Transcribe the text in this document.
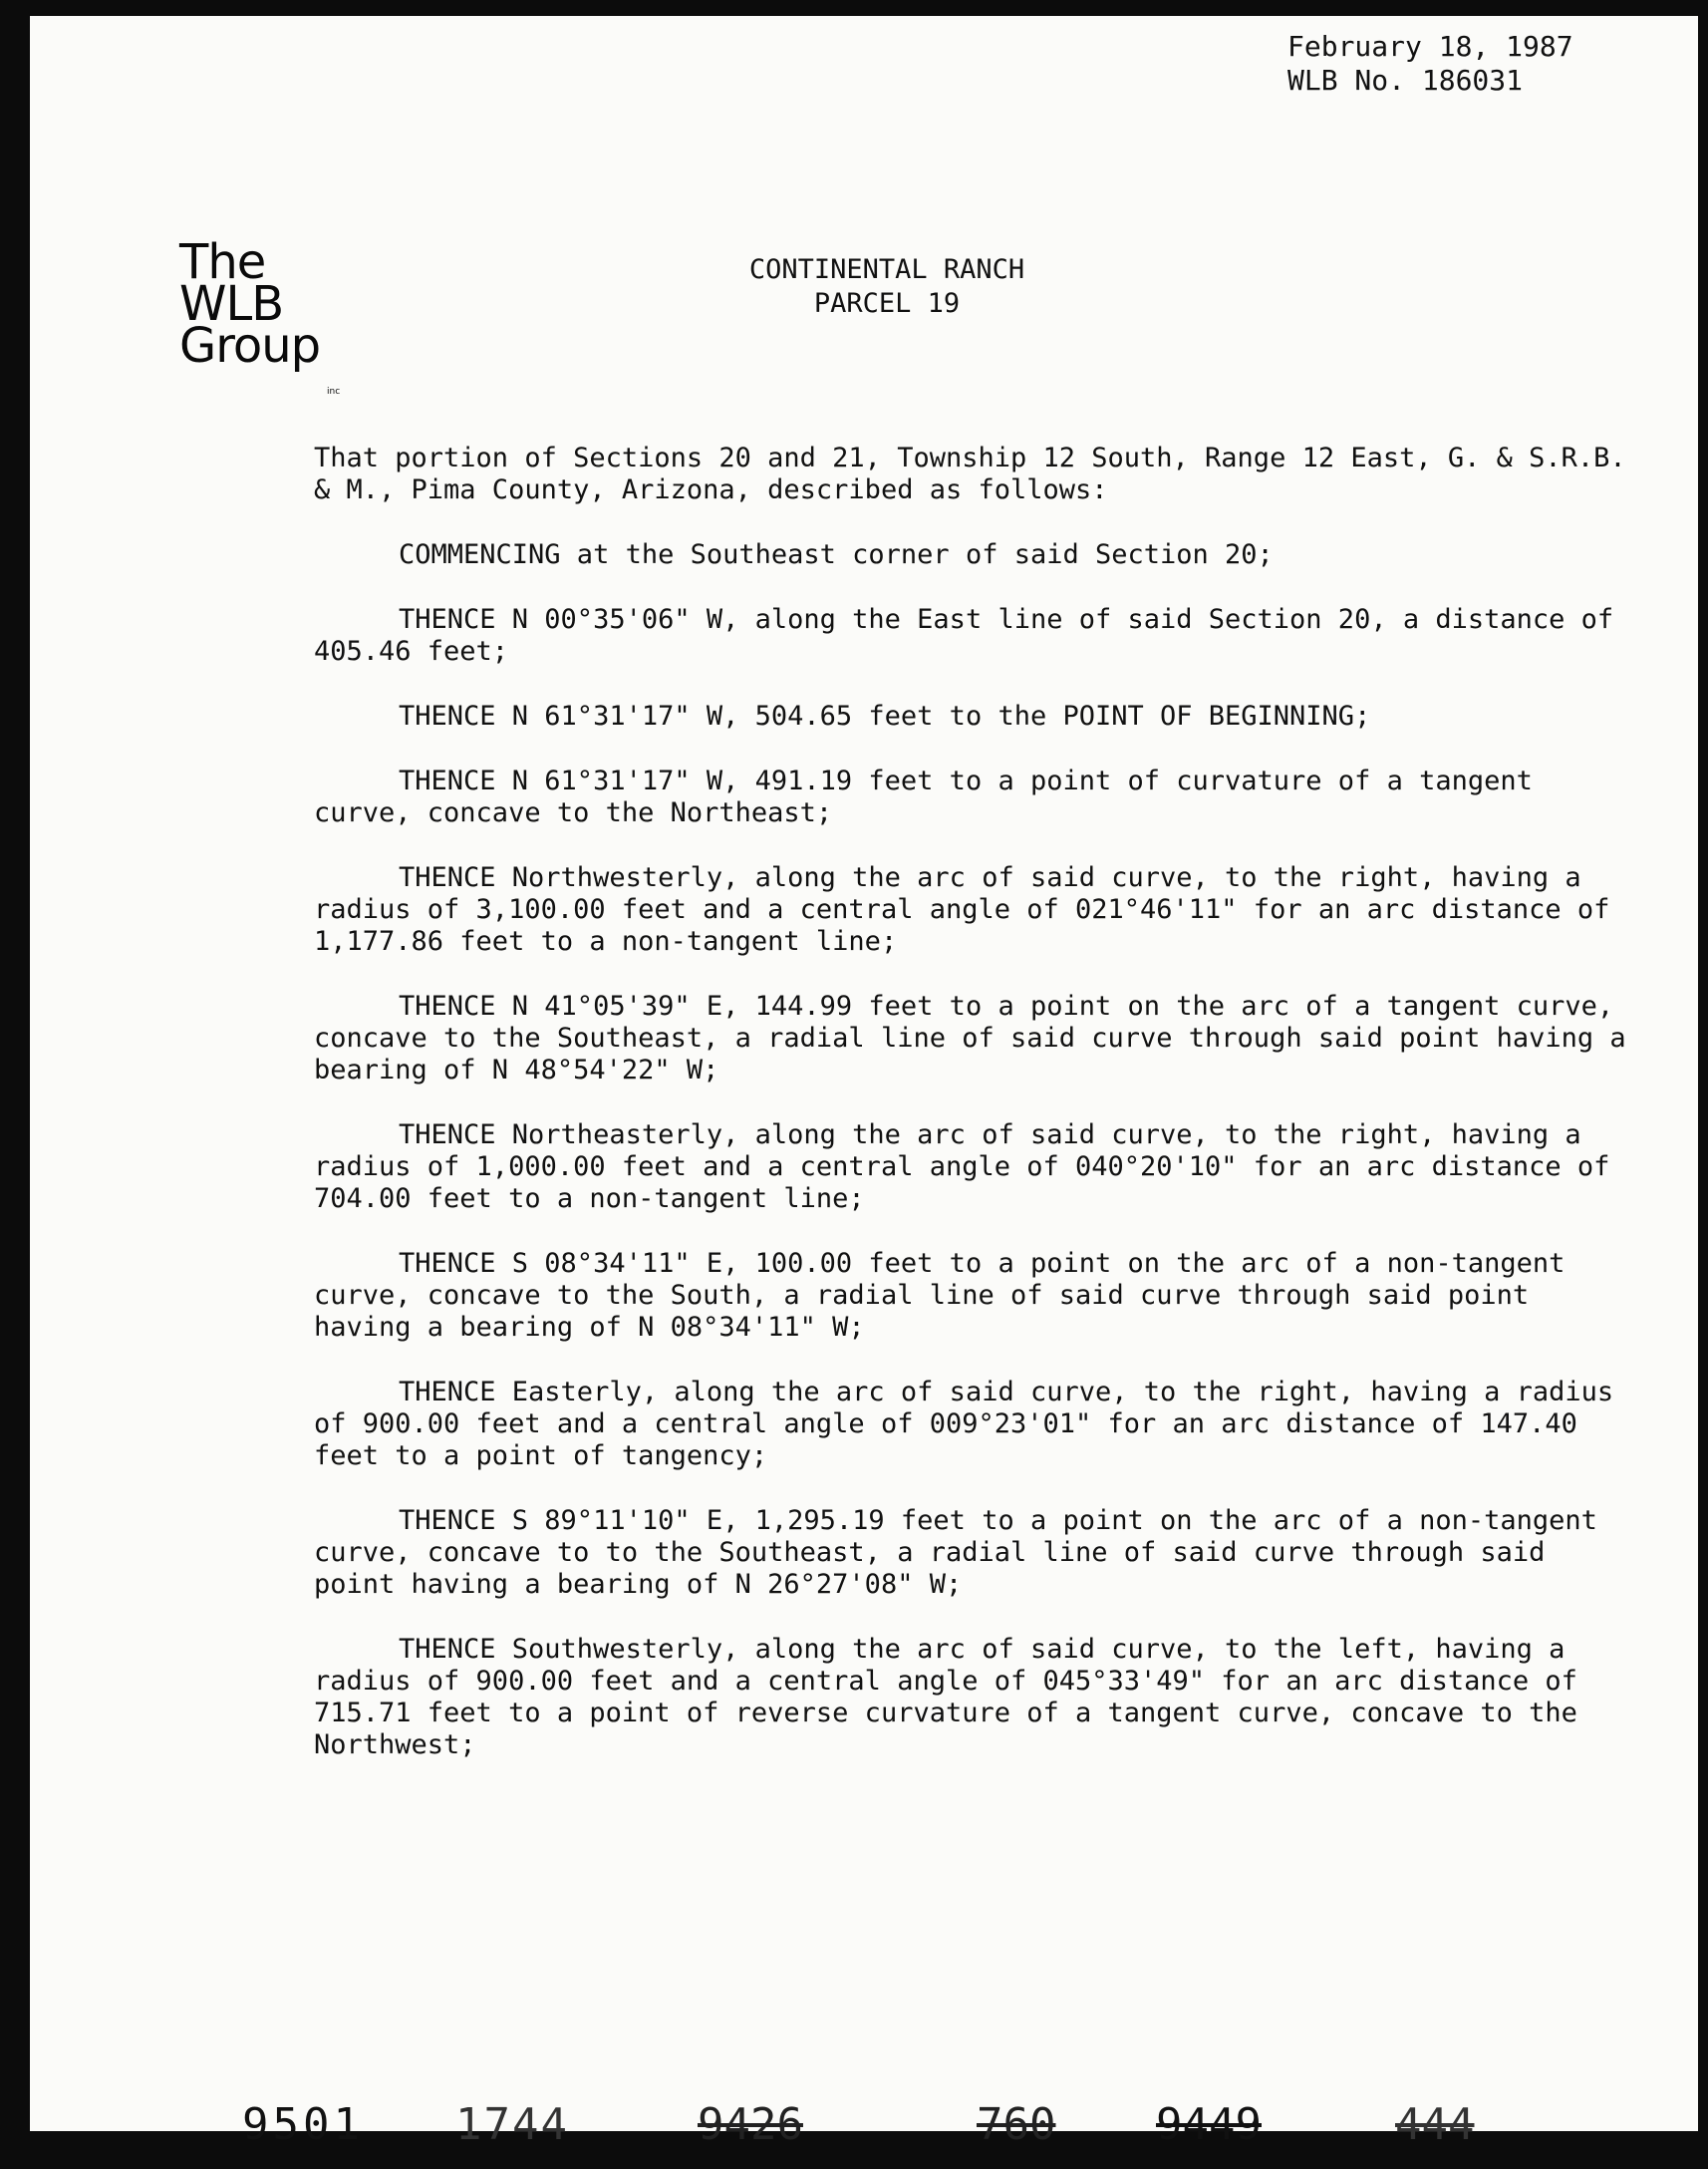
February 18, 1987
WLB No. 186031
The
WLB
Group
inc
CONTINENTAL RANCH
PARCEL 19

That portion of Sections 20 and 21, Township 12 South, Range 12 East, G. & S.R.B. & M., Pima County, Arizona, described as follows:

COMMENCING at the Southeast corner of said Section 20;

THENCE N 00°35'06" W, along the East line of said Section 20, a distance of 405.46 feet;

THENCE N 61°31'17" W, 504.65 feet to the POINT OF BEGINNING;

THENCE N 61°31'17" W, 491.19 feet to a point of curvature of a tangent curve, concave to the Northeast;

THENCE Northwesterly, along the arc of said curve, to the right, having a radius of 3,100.00 feet and a central angle of 021°46'11" for an arc distance of 1,177.86 feet to a non-tangent line;

THENCE N 41°05'39" E, 144.99 feet to a point on the arc of a tangent curve, concave to the Southeast, a radial line of said curve through said point having a bearing of N 48°54'22" W;

THENCE Northeasterly, along the arc of said curve, to the right, having a radius of 1,000.00 feet and a central angle of 040°20'10" for an arc distance of 704.00 feet to a non-tangent line;

THENCE S 08°34'11" E, 100.00 feet to a point on the arc of a non-tangent curve, concave to the South, a radial line of said curve through said point having a bearing of N 08°34'11" W;

THENCE Easterly, along the arc of said curve, to the right, having a radius of 900.00 feet and a central angle of 009°23'01" for an arc distance of 147.40 feet to a point of tangency;

THENCE S 89°11'10" E, 1,295.19 feet to a point on the arc of a non-tangent curve, concave to to the Southeast, a radial line of said curve through said point having a bearing of N 26°27'08" W;

THENCE Southwesterly, along the arc of said curve, to the left, having a radius of 900.00 feet and a central angle of 045°33'49" for an arc distance of 715.71 feet to a point of reverse curvature of a tangent curve, concave to the Northwest;

9501 1744	9426	760 9449	444
